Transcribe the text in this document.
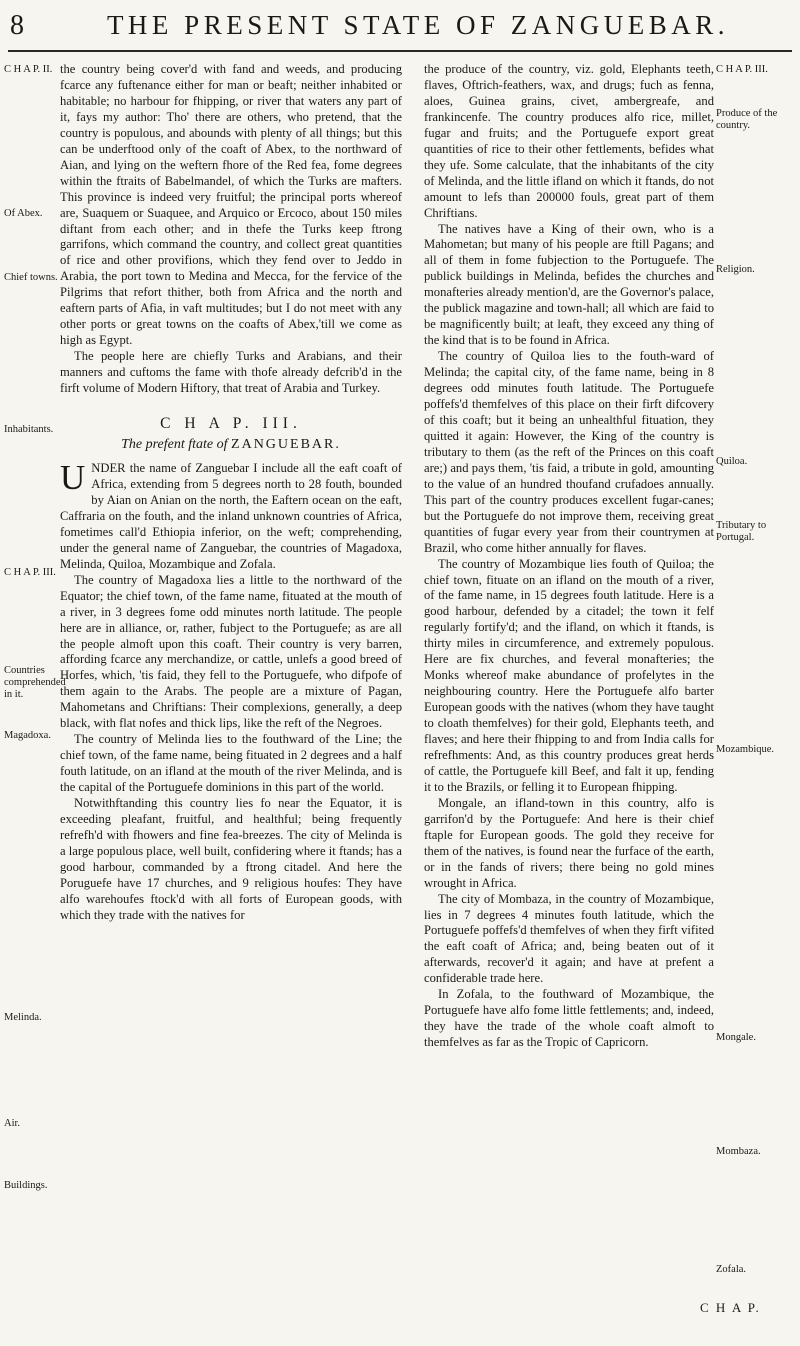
8	THE PRESENT STATE OF ZANGUEBAR.

the country being cover'd with fand and weeds, and producing fcarce any fuftenance either for man or beaft; neither inhabited or habitable; no harbour for fhipping, or river that waters any part of it, fays my author: Tho' there are others, who pretend, that the country is populous, and abounds with plenty of all things; but this can be underftood only of the coaft of Abex, to the northward of Aian, and lying on the weftern fhore of the Red fea, fome degrees within the ftraits of Babelmandel, of which the Turks are mafters. This province is indeed very fruitful; the principal ports whereof are, Suaquem or Suaquee, and Arquico or Ercoco, about 150 miles diftant from each other; and in thefe the Turks keep ftrong garrifons, which command the country, and collect great quantities of rice and other provifions, which they fend over to Jeddo in Arabia, the port town to Medina and Mecca, for the fervice of the Pilgrims that refort thither, both from Africa and the north and eaftern parts of Afia, in vaft multitudes; but I do not meet with any other ports or great towns on the coafts of Abex,'till we come as high as Egypt.

The people here are chiefly Turks and Arabians, and their manners and cuftoms the fame with thofe already defcrib'd in the firft volume of Modern Hiftory, that treat of Arabia and Turkey.

C H A P. III.
The prefent ftate of ZANGUEBAR.

UNDER the name of Zanguebar I include all the eaft coaft of Africa, extending from 5 degrees north to 28 fouth, bounded by Aian on Anian on the north, the Eaftern ocean on the eaft, Caffraria on the fouth, and the inland unknown countries of Africa, fometimes call'd Ethiopia inferior, on the weft; comprehending, under the general name of Zanguebar, the countries of Magadoxa, Melinda, Quiloa, Mozambique and Zofala.

The country of Magadoxa lies a little to the northward of the Equator; the chief town, of the fame name, fituated at the mouth of a river, in 3 degrees fome odd minutes north latitude. The people here are in alliance, or, rather, fubject to the Portuguefe; as are all the people almoft upon this coaft. Their country is very barren, affording fcarce any merchandize, or cattle, unlefs a good breed of Horfes, which, 'tis faid, they fell to the Portuguefe, who difpofe of them again to the Arabs. The people are a mixture of Pagan, Mahometans and Chriftians: Their complexions, generally, a deep black, with flat nofes and thick lips, like the reft of the Negroes.

The country of Melinda lies to the fouthward of the Line; the chief town, of the fame name, being fituated in 2 degrees and a half fouth latitude, on an ifland at the mouth of the river Melinda, and is the capital of the Portuguefe dominions in this part of the world.

Notwithftanding this country lies fo near the Equator, it is exceeding pleafant, fruitful, and healthful; being frequently refrefh'd with fhowers and fine fea-breezes. The city of Melinda is a large populous place, well built, confidering where it ftands; has a good harbour, commanded by a ftrong citadel. And here the Poruguefe have 17 churches, and 9 religious houfes: They have alfo warehoufes ftock'd with all forts of European goods, with which they trade with the natives for

the produce of the country, viz. gold, Elephants teeth, flaves, Oftrich-feathers, wax, and drugs; fuch as fenna, aloes, Guinea grains, civet, ambergreafe, and frankincenfe. The country produces alfo rice, millet, fugar and fruits; and the Portuguefe export great quantities of rice to their other fettlements, befides what they ufe. Some calculate, that the inhabitants of the city of Melinda, and the little ifland on which it ftands, do not amount to lefs than 200000 fouls, great part of them Chriftians.

The natives have a King of their own, who is a Mahometan; but many of his people are ftill Pagans; and all of them in fome fubjection to the Portuguefe. The publick buildings in Melinda, befides the churches and monafteries already mention'd, are the Governor's palace, the publick magazine and town-hall; all which are faid to be magnificently built; at leaft, they exceed any thing of the kind that is to be found in Africa.

The country of Quiloa lies to the fouth-ward of Melinda; the capital city, of the fame name, being in 8 degrees odd minutes fouth latitude. The Portuguefe poffefs'd themfelves of this place on their firft difcovery of this coaft; but it being an unhealthful fituation, they quitted it again: However, the King of the country is tributary to them (as the reft of the Princes on this coaft are;) and pays them, 'tis faid, a tribute in gold, amounting to the value of an hundred thoufand crufadoes annually. This part of the country produces excellent fugar-canes; but the Portuguefe do not improve them, receiving great quantities of fugar every year from their countrymen at Brazil, who come hither annually for flaves.

The country of Mozambique lies fouth of Quiloa; the chief town, fituate on an ifland on the mouth of a river, of the fame name, in 15 degrees fouth latitude. Here is a good harbour, defended by a citadel; the town it felf regularly fortify'd; and the ifland, on which it ftands, is thirty miles in circumference, and extremely populous. Here are fix churches, and feveral monafteries; the Monks whereof make abundance of profelytes in the neighbouring country. Here the Portuguefe alfo barter European goods with the natives (whom they have taught to cloath themfelves) for their gold, Elephants teeth, and flaves; and here their fhipping to and from India calls for refrefhments: And, as this country produces great herds of cattle, the Portuguefe kill Beef, and falt it up, fending it to the Brazils, or felling it to European fhipping.

Mongale, an ifland-town in this country, alfo is garrifon'd by the Portuguefe: And here is their chief ftaple for European goods. The gold they receive for them of the natives, is found near the furface of the earth, or in the fands of rivers; there being no gold mines wrought in Africa.

The city of Mombaza, in the country of Mozambique, lies in 7 degrees 4 minutes fouth latitude, which the Portuguefe poffefs'd themfelves of when they firft vifited the eaft coaft of Africa; and, being beaten out of it afterwards, recover'd it again; and have at prefent a confiderable trade here.

In Zofala, to the fouthward of Mozambique, the Portuguefe have alfo fome little fettlements; and, indeed, they have the trade of the whole coaft almoft to themfelves as far as the Tropic of Capricorn.

C H A P. II.
Of Abex.
Chief towns.
Inhabitants.
C H A P. III.
Countries comprehended in it.
Magadoxa.
Melinda.
Air.
Buildings.
C H A P. III.
Produce of the country.
Religion.
Quiloa.
Tributary to Portugal.
Mozambique.
Mongale.
Mombaza.
Zofala.
C H A P.
